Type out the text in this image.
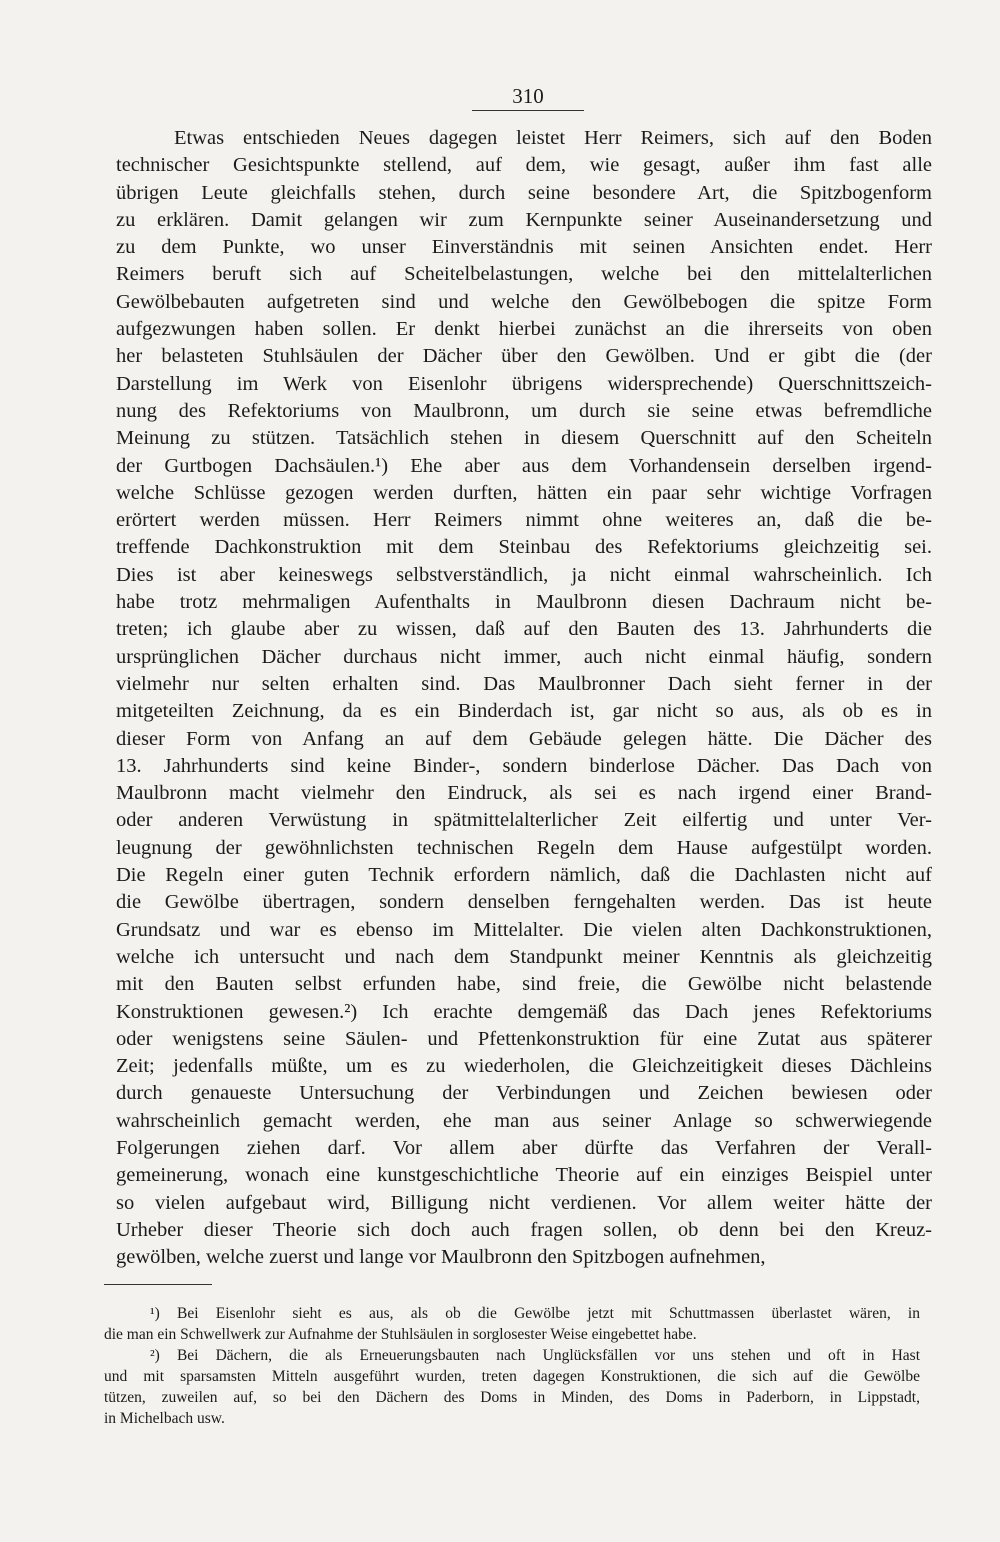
310
Etwas entschieden Neues dagegen leistet Herr Reimers, sich auf den Boden
technischer Gesichtspunkte stellend, auf dem, wie gesagt, außer ihm fast alle
übrigen Leute gleichfalls stehen, durch seine besondere Art, die Spitzbogenform
zu erklären. Damit gelangen wir zum Kernpunkte seiner Auseinandersetzung und
zu dem Punkte, wo unser Einverständnis mit seinen Ansichten endet. Herr
Reimers beruft sich auf Scheitelbelastungen, welche bei den mittelalterlichen
Gewölbebauten aufgetreten sind und welche den Gewölbebogen die spitze Form
aufgezwungen haben sollen. Er denkt hierbei zunächst an die ihrerseits von oben
her belasteten Stuhlsäulen der Dächer über den Gewölben. Und er gibt die (der
Darstellung im Werk von Eisenlohr übrigens widersprechende) Querschnittszeich-
nung des Refektoriums von Maulbronn, um durch sie seine etwas befremdliche
Meinung zu stützen. Tatsächlich stehen in diesem Querschnitt auf den Scheiteln
der Gurtbogen Dachsäulen.¹) Ehe aber aus dem Vorhandensein derselben irgend-
welche Schlüsse gezogen werden durften, hätten ein paar sehr wichtige Vorfragen
erörtert werden müssen. Herr Reimers nimmt ohne weiteres an, daß die be-
treffende Dachkonstruktion mit dem Steinbau des Refektoriums gleichzeitig sei.
Dies ist aber keineswegs selbstverständlich, ja nicht einmal wahrscheinlich. Ich
habe trotz mehrmaligen Aufenthalts in Maulbronn diesen Dachraum nicht be-
treten; ich glaube aber zu wissen, daß auf den Bauten des 13. Jahrhunderts die
ursprünglichen Dächer durchaus nicht immer, auch nicht einmal häufig, sondern
vielmehr nur selten erhalten sind. Das Maulbronner Dach sieht ferner in der
mitgeteilten Zeichnung, da es ein Binderdach ist, gar nicht so aus, als ob es in
dieser Form von Anfang an auf dem Gebäude gelegen hätte. Die Dächer des
13. Jahrhunderts sind keine Binder-, sondern binderlose Dächer. Das Dach von
Maulbronn macht vielmehr den Eindruck, als sei es nach irgend einer Brand-
oder anderen Verwüstung in spätmittelalterlicher Zeit eilfertig und unter Ver-
leugnung der gewöhnlichsten technischen Regeln dem Hause aufgestülpt worden.
Die Regeln einer guten Technik erfordern nämlich, daß die Dachlasten nicht auf
die Gewölbe übertragen, sondern denselben ferngehalten werden. Das ist heute
Grundsatz und war es ebenso im Mittelalter. Die vielen alten Dachkonstruktionen,
welche ich untersucht und nach dem Standpunkt meiner Kenntnis als gleichzeitig
mit den Bauten selbst erfunden habe, sind freie, die Gewölbe nicht belastende
Konstruktionen gewesen.²) Ich erachte demgemäß das Dach jenes Refektoriums
oder wenigstens seine Säulen- und Pfettenkonstruktion für eine Zutat aus späterer
Zeit; jedenfalls müßte, um es zu wiederholen, die Gleichzeitigkeit dieses Dächleins
durch genaueste Untersuchung der Verbindungen und Zeichen bewiesen oder
wahrscheinlich gemacht werden, ehe man aus seiner Anlage so schwerwiegende
Folgerungen ziehen darf. Vor allem aber dürfte das Verfahren der Verall-
gemeinerung, wonach eine kunstgeschichtliche Theorie auf ein einziges Beispiel unter
so vielen aufgebaut wird, Billigung nicht verdienen. Vor allem weiter hätte der
Urheber dieser Theorie sich doch auch fragen sollen, ob denn bei den Kreuz-
gewölben, welche zuerst und lange vor Maulbronn den Spitzbogen aufnehmen,
¹) Bei Eisenlohr sieht es aus, als ob die Gewölbe jetzt mit Schuttmassen überlastet wären, in
die man ein Schwellwerk zur Aufnahme der Stuhlsäulen in sorglosester Weise eingebettet habe.
²) Bei Dächern, die als Erneuerungsbauten nach Unglücksfällen vor uns stehen und oft in Hast
und mit sparsamsten Mitteln ausgeführt wurden, treten dagegen Konstruktionen, die sich auf die Gewölbe
tützen, zuweilen auf, so bei den Dächern des Doms in Minden, des Doms in Paderborn, in Lippstadt,
in Michelbach usw.
